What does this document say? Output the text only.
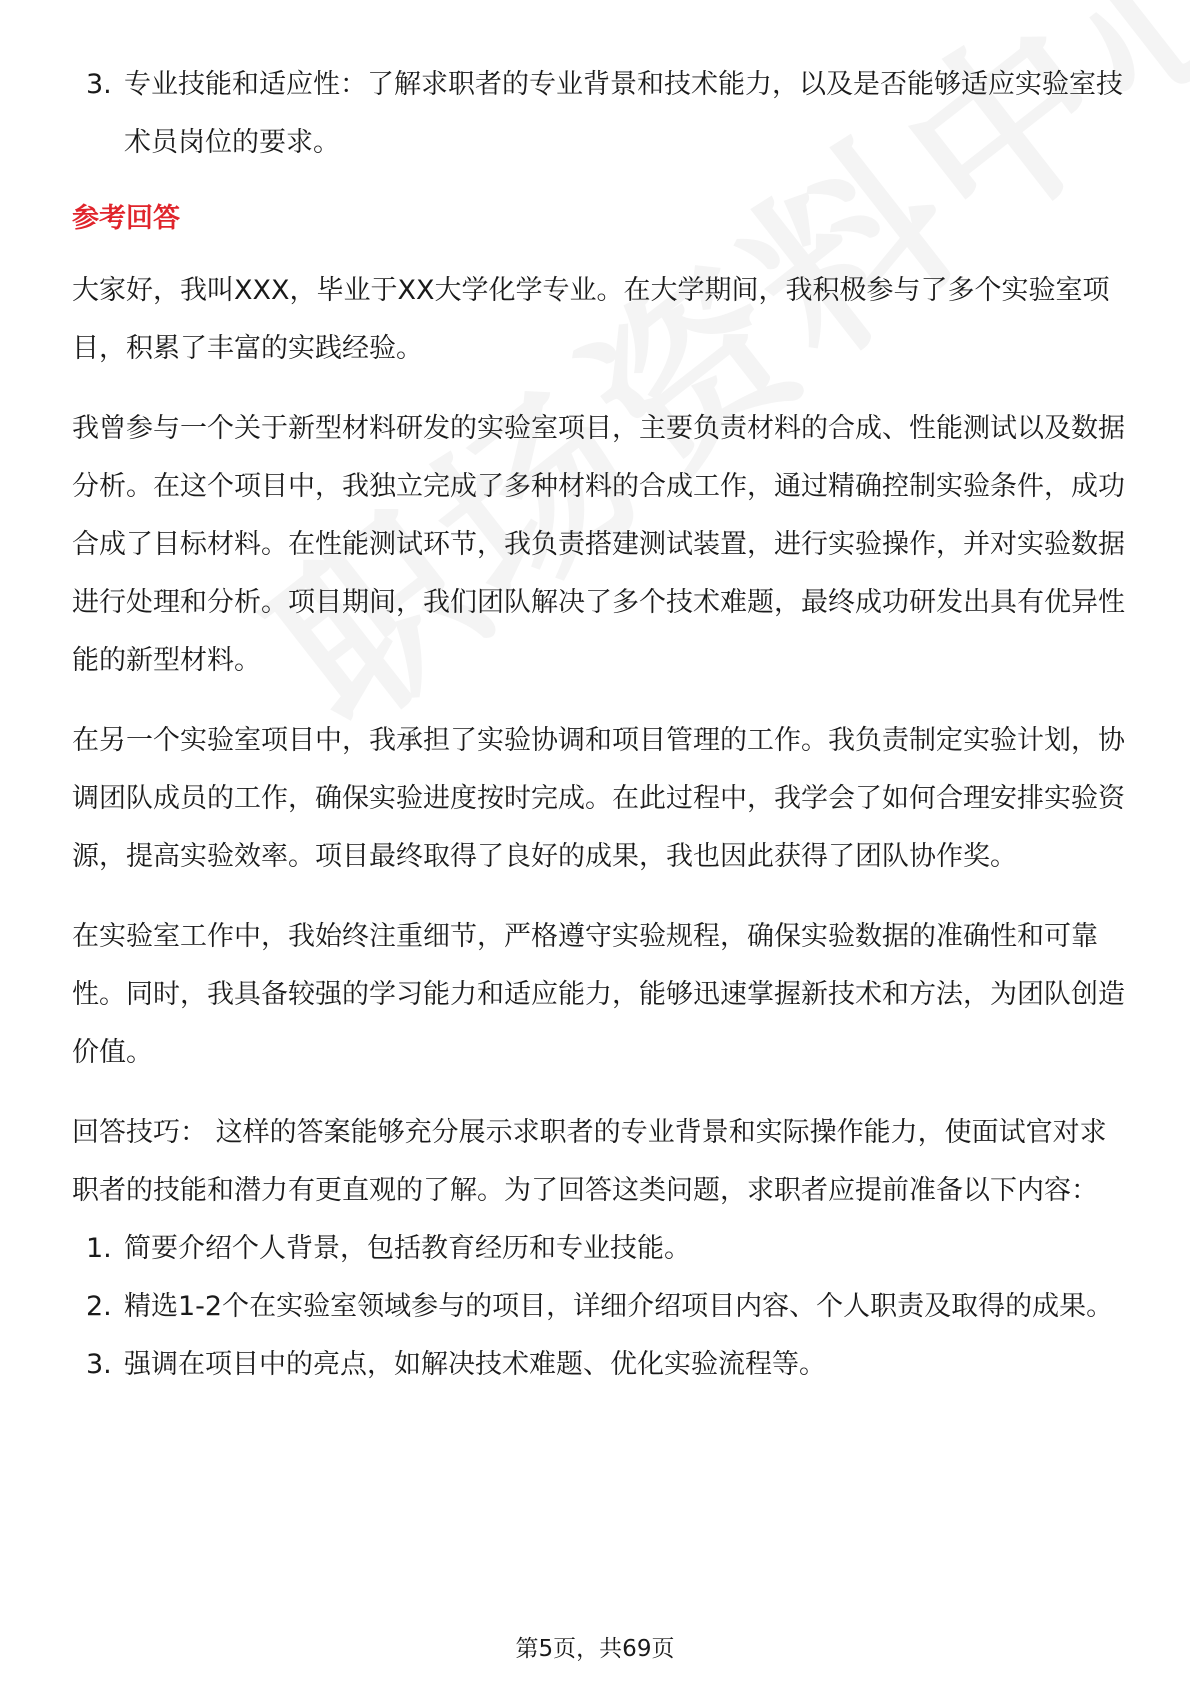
3. 专业技能和适应性：了解求职者的专业背景和技术能力，以及是否能够适应实验室技术员岗位的要求。
参考回答

大家好，我叫XXX，毕业于XX大学化学专业。在大学期间，我积极参与了多个实验室项目，积累了丰富的实践经验。

我曾参与一个关于新型材料研发的实验室项目，主要负责材料的合成、性能测试以及数据分析。在这个项目中，我独立完成了多种材料的合成工作，通过精确控制实验条件，成功合成了目标材料。在性能测试环节，我负责搭建测试装置，进行实验操作，并对实验数据进行处理和分析。项目期间，我们团队解决了多个技术难题，最终成功研发出具有优异性能的新型材料。

在另一个实验室项目中，我承担了实验协调和项目管理的工作。我负责制定实验计划，协调团队成员的工作，确保实验进度按时完成。在此过程中，我学会了如何合理安排实验资源，提高实验效率。项目最终取得了良好的成果，我也因此获得了团队协作奖。

在实验室工作中，我始终注重细节，严格遵守实验规程，确保实验数据的准确性和可靠性。同时，我具备较强的学习能力和适应能力，能够迅速掌握新技术和方法，为团队创造价值。

回答技巧： 这样的答案能够充分展示求职者的专业背景和实际操作能力，使面试官对求职者的技能和潜力有更直观的了解。为了回答这类问题，求职者应提前准备以下内容：

1. 简要介绍个人背景，包括教育经历和专业技能。
2. 精选1-2个在实验室领域参与的项目，详细介绍项目内容、个人职责及取得的成果。
3. 强调在项目中的亮点，如解决技术难题、优化实验流程等。
第5页，共69页
